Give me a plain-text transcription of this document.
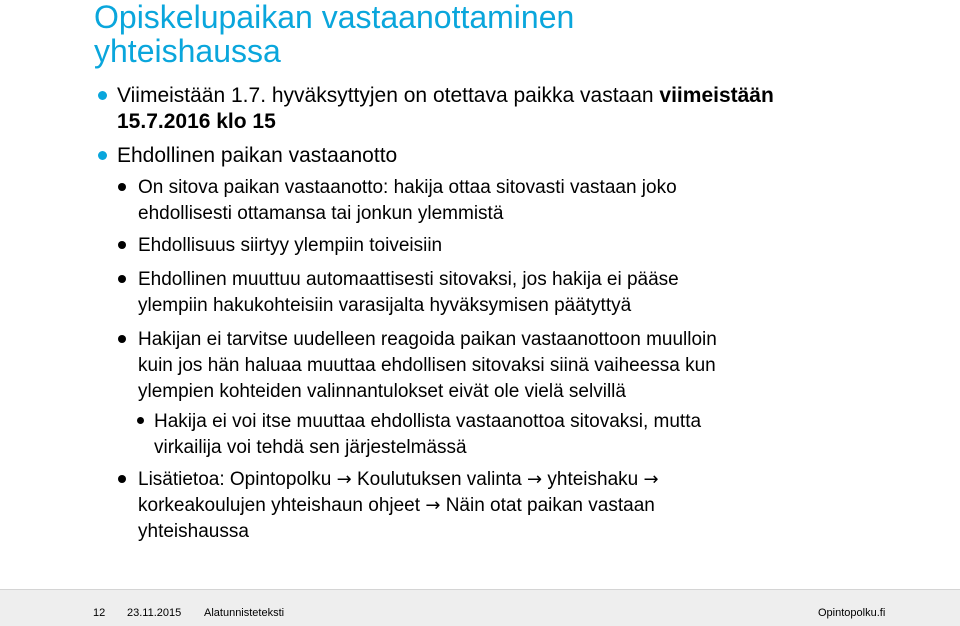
Opiskelupaikan vastaanottaminen
yhteishaussa
Viimeistään 1.7. hyväksyttyjen on otettava paikka vastaan viimeistään
15.7.2016 klo 15
Ehdollinen paikan vastaanotto
On sitova paikan vastaanotto: hakija ottaa sitovasti vastaan joko
ehdollisesti ottamansa tai jonkun ylemmistä
Ehdollisuus siirtyy ylempiin toiveisiin
Ehdollinen muuttuu automaattisesti sitovaksi, jos hakija ei pääse
ylempiin hakukohteisiin varasijalta hyväksymisen päätyttyä
Hakijan ei tarvitse uudelleen reagoida paikan vastaanottoon muulloin
kuin jos hän haluaa muuttaa ehdollisen sitovaksi siinä vaiheessa kun
ylempien kohteiden valinnantulokset eivät ole vielä selvillä
Hakija ei voi itse muuttaa ehdollista vastaanottoa sitovaksi, mutta
virkailija voi tehdä sen järjestelmässä
Lisätietoa: Opintopolku → Koulutuksen valinta → yhteishaku →
korkeakoulujen yhteishaun ohjeet → Näin otat paikan vastaan
yhteishaussa
12 23.11.2015 Alatunnisteteksti	Opintopolku.fi
